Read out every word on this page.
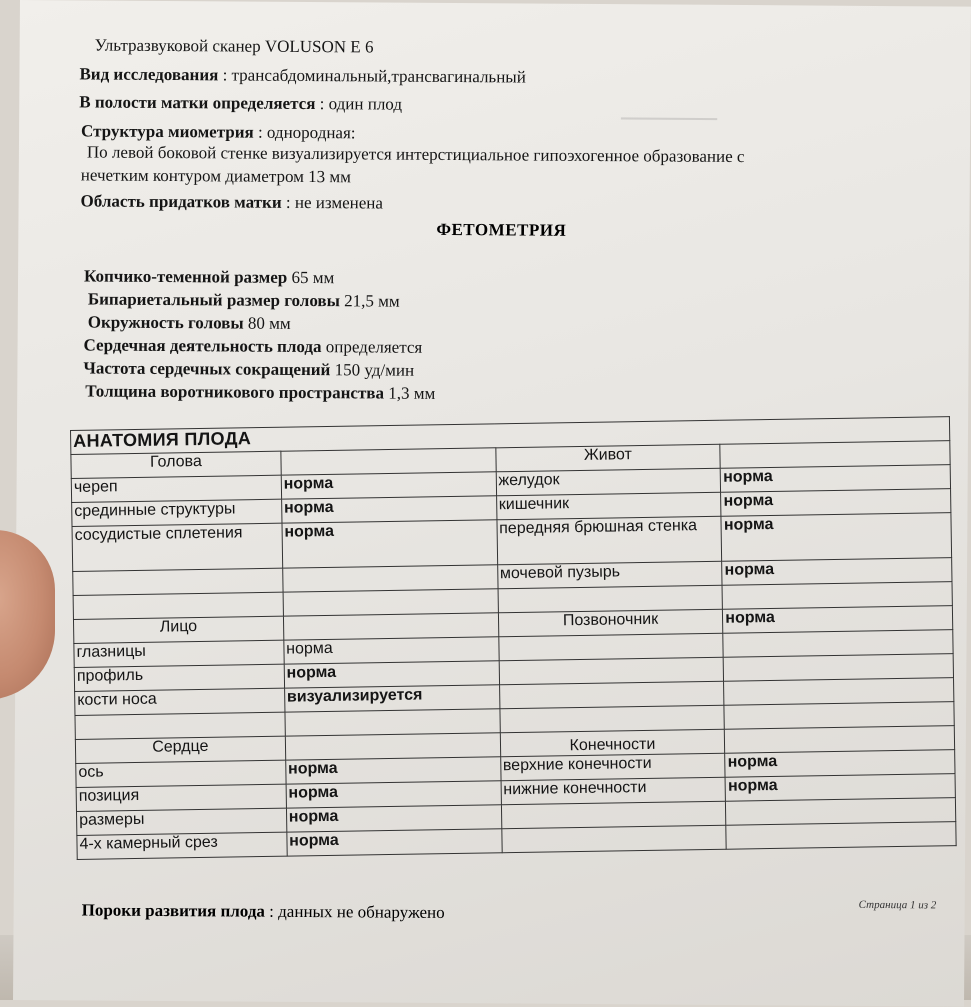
⸻
Ультразвуковой сканер VOLUSON E 6
Вид исследования : трансабдоминальный,трансвагинальный
В полости матки определяется : один плод
Структура миометрия : однородная:
По левой боковой стенке визуализируется интерстициальное гипоэхогенное образование с
нечетким контуром диаметром 13 мм
Область придатков матки : не изменена
ФЕТОМЕТРИЯ
Копчико-теменной размер 65 мм
Бипариетальный размер головы 21,5 мм
Окружность головы 80 мм
Сердечная деятельность плода определяется
Частота сердечных сокращений 150 уд/мин
Толщина воротникового пространства 1,3 мм
Пороки развития плода : данных не обнаружено	Страница 1 из 2
АНАТОМИЯ ПЛОДА			
Голова		Живот	
череп	норма	желудок	норма
срединные структуры	норма	кишечник	норма
сосудистые сплетения	норма	передняя брюшная стенка	норма
		мочевой пузырь	норма

Лицо		Позвоночник	норма
глазницы	норма		
профиль	норма		
кости носа	визуализируется		

Сердце		Конечности	
ось	норма	верхние конечности	норма
позиция	норма	нижние конечности	норма
размеры	норма		
4-х камерный срез	норма		
